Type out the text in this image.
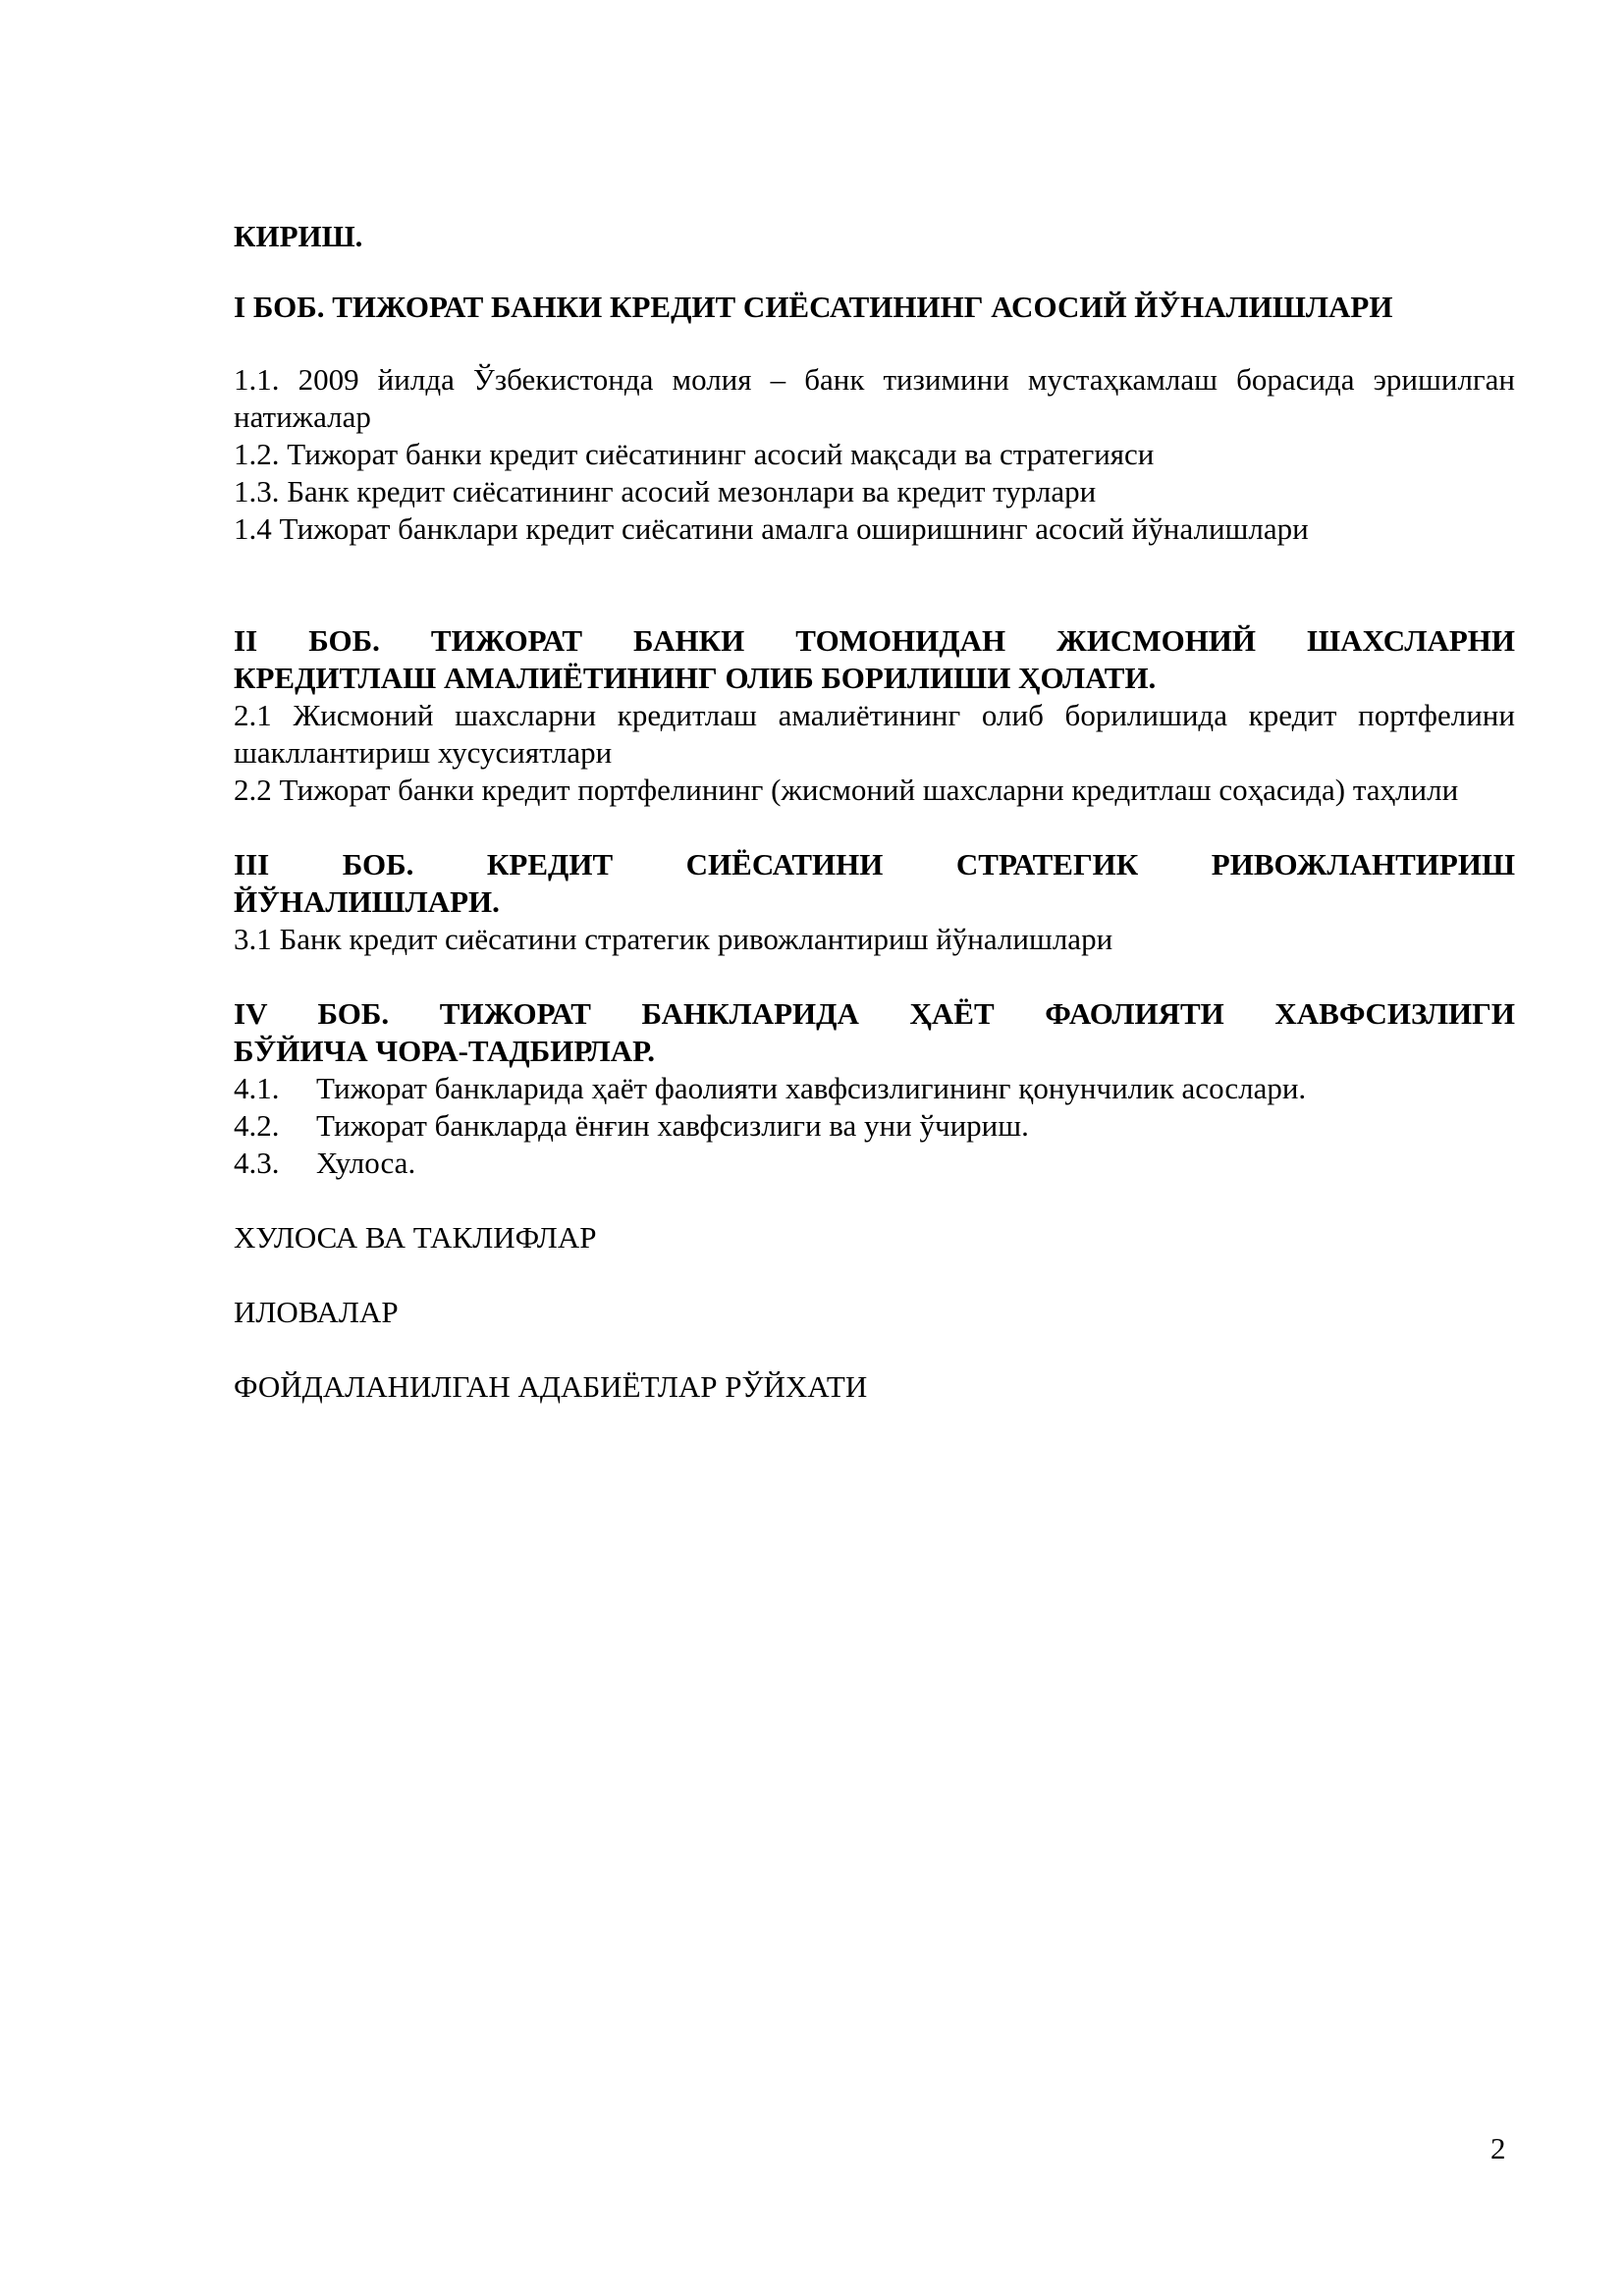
КИРИШ.

I БОБ. ТИЖОРАТ БАНКИ КРЕДИТ СИЁСАТИНИНГ АСОСИЙ ЙЎНАЛИШЛАРИ

1.1. 2009 йилда Ўзбекистонда молия – банк тизимини мустаҳкамлаш борасида эришилган натижалар

1.2. Тижорат банки кредит сиёсатининг асосий мақсади ва стратегияси

1.3. Банк кредит сиёсатининг асосий мезонлари ва кредит турлари

1.4 Тижорат банклари кредит сиёсатини амалга оширишнинг асосий йўналишлари

II БОБ. ТИЖОРАТ БАНКИ ТОМОНИДАН ЖИСМОНИЙ ШАХСЛАРНИ

КРЕДИТЛАШ АМАЛИЁТИНИНГ ОЛИБ БОРИЛИШИ ҲОЛАТИ.

2.1 Жисмоний шахсларни кредитлаш амалиётининг олиб борилишида кредит портфелини шакллантириш хусусиятлари

2.2 Тижорат банки кредит портфелининг (жисмоний шахсларни кредитлаш соҳасида) таҳлили

III БОБ. КРЕДИТ СИЁСАТИНИ СТРАТЕГИК РИВОЖЛАНТИРИШ

ЙЎНАЛИШЛАРИ.

3.1 Банк кредит сиёсатини стратегик ривожлантириш йўналишлари

IV БОБ. ТИЖОРАТ БАНКЛАРИДА ҲАЁТ ФАОЛИЯТИ ХАВФСИЗЛИГИ

БЎЙИЧА ЧОРА-ТАДБИРЛАР.

4.1.	Тижорат банкларида ҳаёт фаолияти хавфсизлигининг қонунчилик асослари.
4.2.	Тижорат банкларда ёнғин хавфсизлиги ва уни ўчириш.
4.3.	Хулоса.

ХУЛОСА ВА ТАКЛИФЛАР

ИЛОВАЛАР

ФОЙДАЛАНИЛГАН АДАБИЁТЛАР РЎЙХАТИ

2
